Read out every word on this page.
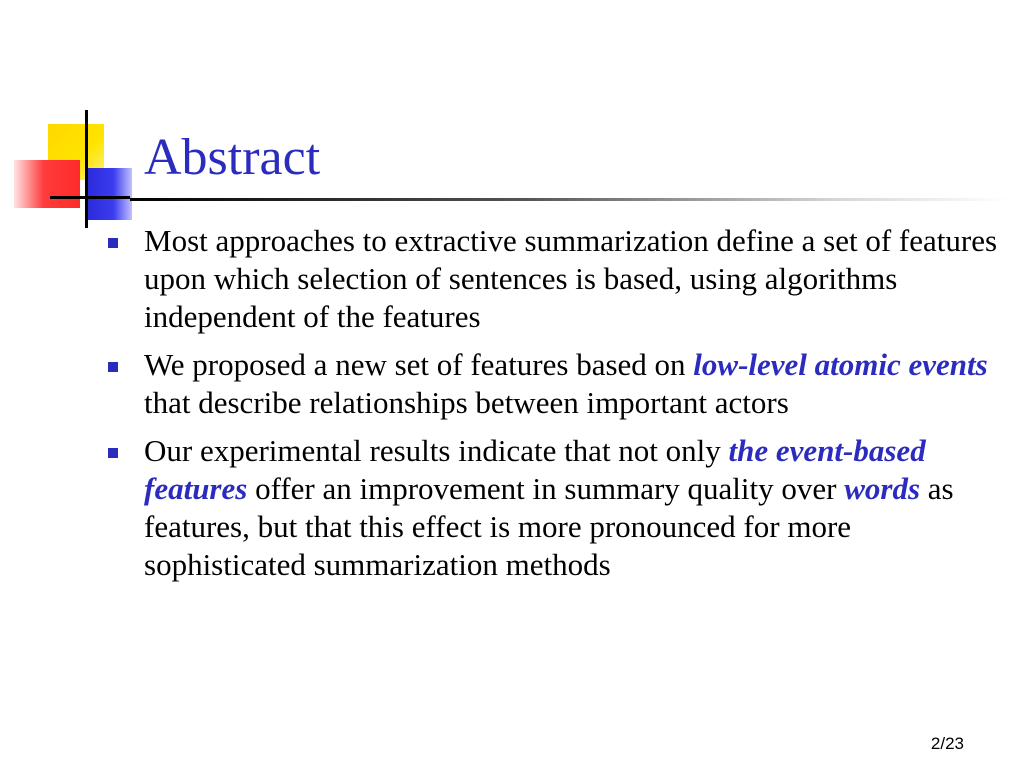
Abstract
Most approaches to extractive summarization define a set of features upon which selection of sentences is based, using algorithms independent of the features
We proposed a new set of features based on low-level atomic events that describe relationships between important actors
Our experimental results indicate that not only the event-based features offer an improvement in summary quality over words as features, but that this effect is more pronounced for more sophisticated summarization methods
2/23
